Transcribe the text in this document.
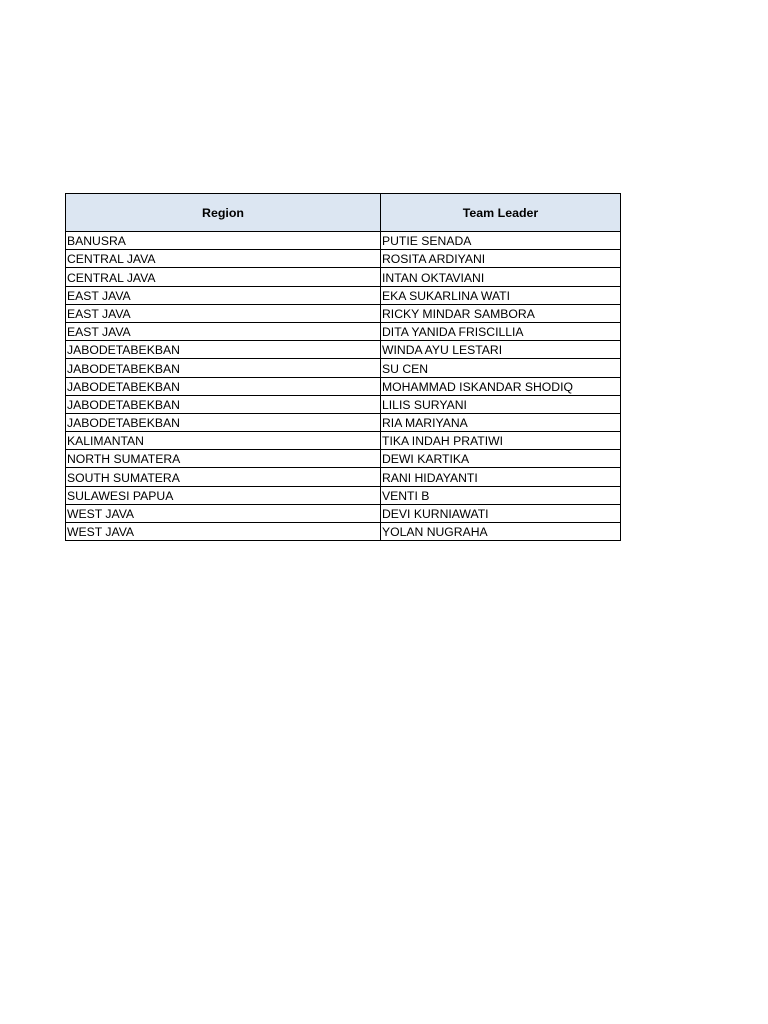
Region	Team Leader
BANUSRA	PUTIE SENADA
CENTRAL JAVA	ROSITA ARDIYANI
CENTRAL JAVA	INTAN OKTAVIANI
EAST JAVA	EKA SUKARLINA WATI
EAST JAVA	RICKY MINDAR SAMBORA
EAST JAVA	DITA YANIDA FRISCILLIA
JABODETABEKBAN	WINDA AYU LESTARI
JABODETABEKBAN	SU CEN
JABODETABEKBAN	MOHAMMAD ISKANDAR SHODIQ
JABODETABEKBAN	LILIS SURYANI
JABODETABEKBAN	RIA MARIYANA
KALIMANTAN	TIKA INDAH PRATIWI
NORTH SUMATERA	DEWI KARTIKA
SOUTH SUMATERA	RANI HIDAYANTI
SULAWESI PAPUA	VENTI B
WEST JAVA	DEVI KURNIAWATI
WEST JAVA	YOLAN NUGRAHA
